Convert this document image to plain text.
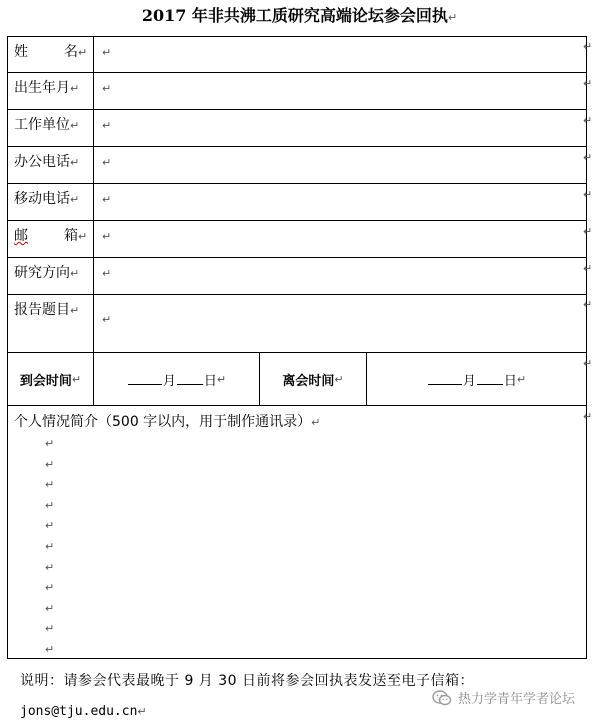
2017 年非共沸工质研究高端论坛参会回执↵
姓	名 ↵	↵
出生年月↵	↵
工作单位↵	↵
办公电话↵	↵
移动电话↵	↵
邮	箱 ↵	↵
研究方向↵	↵
报告题目↵
↵
到会时间 ↵	月 日 ↵	离会时间 ↵	月 日 ↵
个人情况简介（500 字以内，用于制作通讯录）↵
↵
↵
↵
↵
↵
↵
↵
↵
↵
↵
↵
↵
↵
↵
↵
↵
↵
↵
↵
↵
↵
说明：请参会代表最晚于 9 月 30 日前将参会回执表发送至电子信箱：
jons@tju.edu.cn↵
热力学青年学者论坛
